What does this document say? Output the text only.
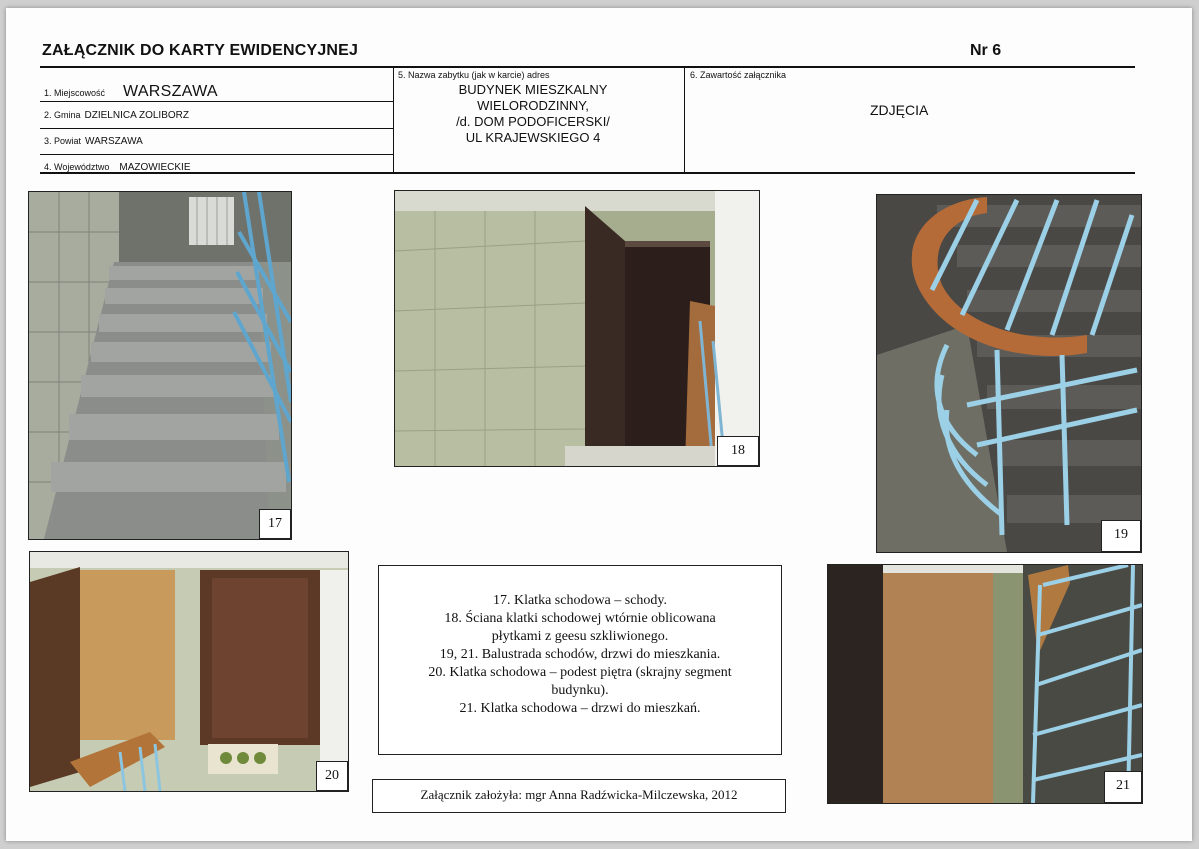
ZAŁĄCZNIK DO KARTY EWIDENCYJNEJ	Nr 6
1. Miejscowość WARSZAWA
2. Gmina DZIELNICA ZOLIBORZ
3. Powiat WARSZAWA
4. Województwo MAZOWIECKIE
5. Nazwa zabytku (jak w karcie) adres
BUDYNEK MIESZKALNY
WIELORODZINNY,
/d. DOM PODOFICERSKI/
UL KRAJEWSKIEGO 4
6. Zawartość załącznika
ZDJĘCIA
17
18
19
20
21
17. Klatka schodowa – schody.
18. Ściana klatki schodowej wtórnie oblicowana
płytkami z geesu szkliwionego.
19, 21. Balustrada schodów, drzwi do mieszkania.
20. Klatka schodowa – podest piętra (skrajny segment
budynku).
21. Klatka schodowa – drzwi do mieszkań.
Załącznik założyła: mgr Anna Radźwicka-Milczewska, 2012
